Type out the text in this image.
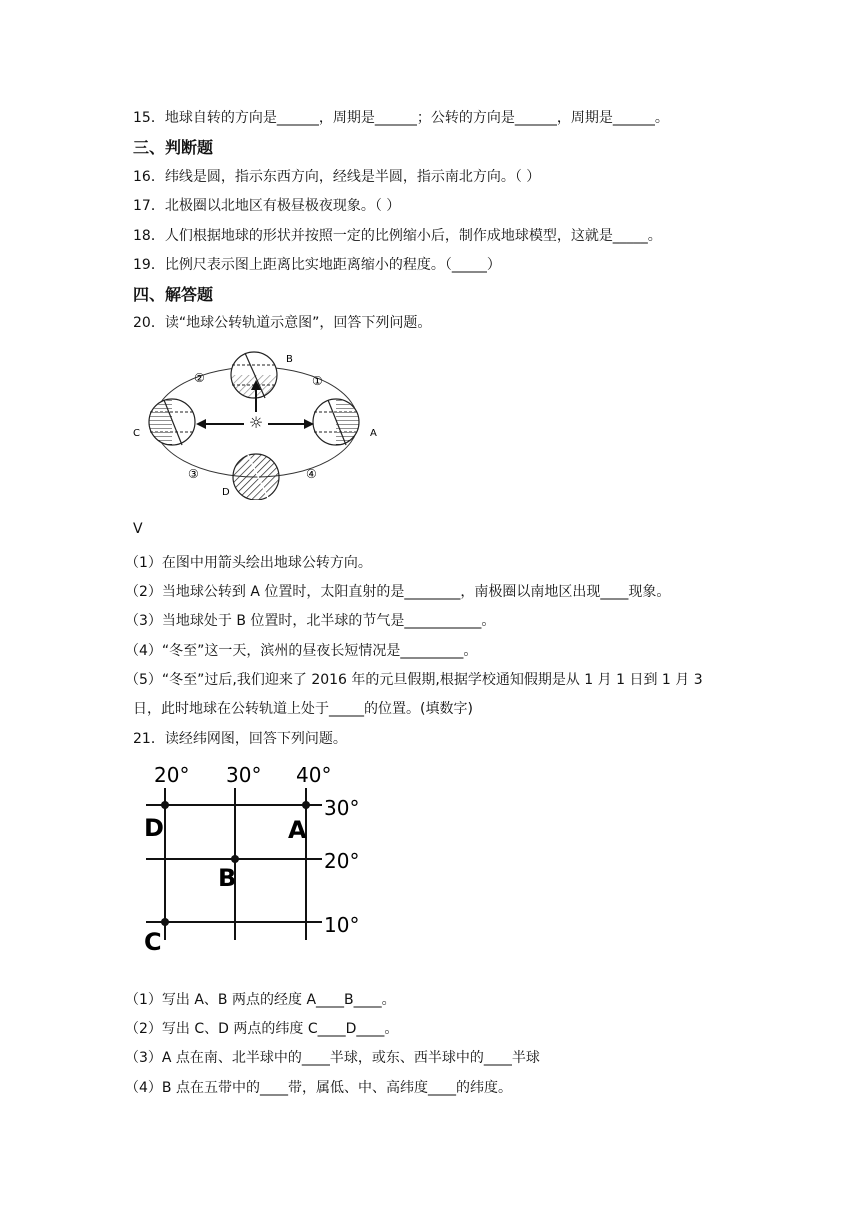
15．地球自转的方向是______，周期是______；公转的方向是______，周期是______。
三、判断题
16．纬线是圆，指示东西方向，经线是半圆，指示南北方向。（ ）
17．北极圈以北地区有极昼极夜现象。（ ）
18．人们根据地球的形状并按照一定的比例缩小后，制作成地球模型，这就是_____。
19．比例尺表示图上距离比实地距离缩小的程度。（_____）
四、解答题
20．读“地球公转轨道示意图”，回答下列问题。
☼
B
C	A
D
①
②
③	④
V
（1）在图中用箭头绘出地球公转方向。
（2）当地球公转到 A 位置时，太阳直射的是________，南极圈以南地区出现____现象。
（3）当地球处于 B 位置时，北半球的节气是___________。
（4）“冬至”这一天，滨州的昼夜长短情况是_________。
（5）“冬至”过后,我们迎来了 2016 年的元旦假期,根据学校通知假期是从 1 月 1 日到 1 月 3
日，此时地球在公转轨道上处于_____的位置。(填数字)
21．读经纬网图，回答下列问题。
20° 30° 40°
30°
20°
10°
D	A
B
C
（1）写出 A、B 两点的经度 A____B____。
（2）写出 C、D 两点的纬度 C____D____。
（3）A 点在南、北半球中的____半球，或东、西半球中的____半球
（4）B 点在五带中的____带，属低、中、高纬度____的纬度。
